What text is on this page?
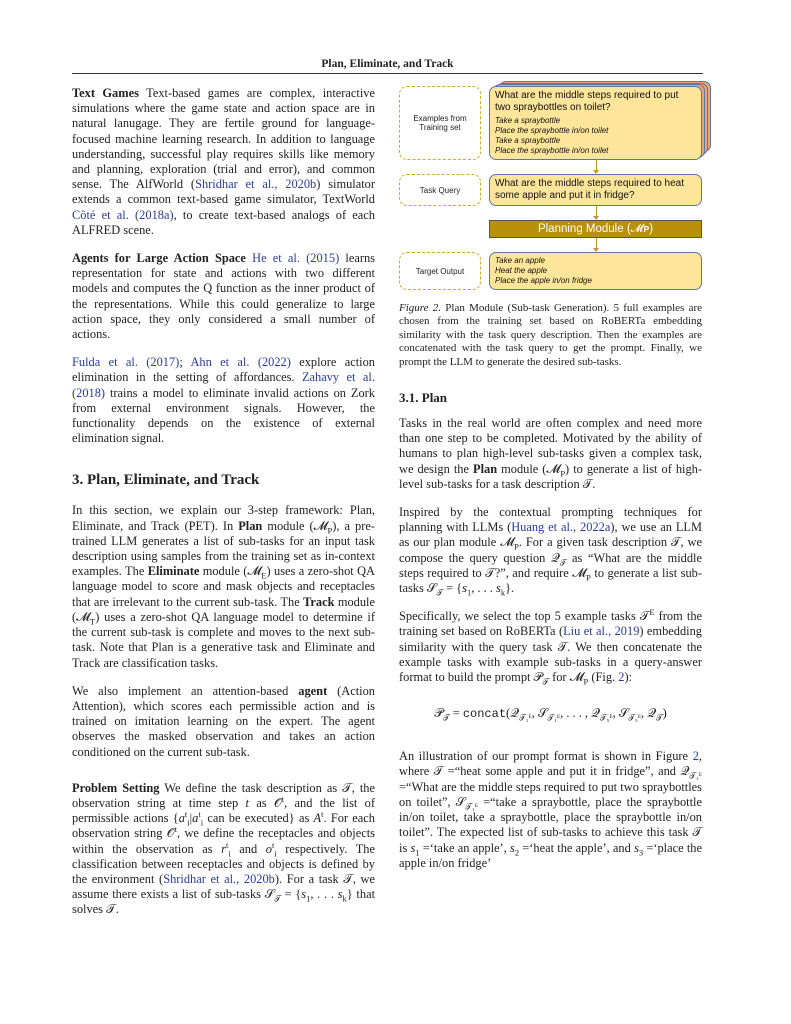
Plan, Eliminate, and Track
Text Games Text-based games are complex, interactive simulations where the game state and action space are in natural lanugage. They are fertile ground for language-focused machine learning research. In addition to language understanding, successful play requires skills like memory and planning, exploration (trial and error), and common sense. The AlfWorld (Shridhar et al., 2020b) simulator extends a common text-based game simulator, TextWorld Côté et al. (2018a), to create text-based analogs of each ALFRED scene.
Agents for Large Action Space He et al. (2015) learns representation for state and actions with two different models and computes the Q function as the inner product of the representations. While this could generalize to large action space, they only considered a small number of actions.
Fulda et al. (2017); Ahn et al. (2022) explore action elimination in the setting of affordances. Zahavy et al. (2018) trains a model to eliminate invalid actions on Zork from external environment signals. However, the functionality depends on the existence of external elimination signal.
3. Plan, Eliminate, and Track
In this section, we explain our 3-step framework: Plan, Eliminate, and Track (PET). In Plan module (𝓜$_P$), a pre-trained LLM generates a list of sub-tasks for an input task description using samples from the training set as in-context examples. The Eliminate module (𝓜$_E$) uses a zero-shot QA language model to score and mask objects and receptacles that are irrelevant to the current sub-task. The Track module (𝓜$_T$) uses a zero-shot QA language model to determine if the current sub-task is complete and moves to the next sub-task. Note that Plan is a generative task and Eliminate and Track are classification tasks.
We also implement an attention-based agent (Action Attention), which scores each permissible action and is trained on imitation learning on the expert. The agent observes the masked observation and takes an action conditioned on the current sub-task.
Problem Setting We define the task description as 𝒯, the observation string at time step t as 𝒪$^t$, and the list of permissible actions {$a^t_i|a^t_i$ can be executed} as $A^t$. For each observation string 𝒪$^t$, we define the receptacles and objects within the observation as $r^t_i$ and $o^t_i$ respectively. The classification between receptacles and objects is defined by the environment (Shridhar et al., 2020b). For a task 𝒯, we assume there exists a list of sub-tasks 𝒮$_𝒯$ = {$s_1$, . . . $s_k$} that solves 𝒯.
Examples from Training set
What are the middle steps required to put two spraybottles on toilet?
Take a spraybottle
Place the spraybottle in/on toilet
Take a spraybottle
Place the spraybottle in/on toilet
Task Query
What are the middle steps required to heat some apple and put it in fridge?
Planning Module (𝓜 P )
Target Output
Take an apple
Heat the apple
Place the apple in/on fridge
Figure 2. Plan Module (Sub-task Generation). 5 full examples are chosen from the training set based on RoBERTa embedding similarity with the task query description. Then the examples are concatenated with the task query to get the prompt. Finally, we prompt the LLM to generate the desired sub-tasks.
3.1. Plan
Tasks in the real world are often complex and need more than one step to be completed. Motivated by the ability of humans to plan high-level sub-tasks given a complex task, we design the Plan module (𝓜$_P$) to generate a list of high-level sub-tasks for a task description 𝒯.
Inspired by the contextual prompting techniques for planning with LLMs (Huang et al., 2022a), we use an LLM as our plan module 𝓜$_P$. For a given task description 𝒯, we compose the query question 𝒬$_𝒯$ as “What are the middle steps required to 𝒯?”, and require 𝓜$_P$ to generate a list sub-tasks 𝒮$_𝒯$ = {$s_1$, . . . $s_k$}.
Specifically, we select the top 5 example tasks 𝒯$^E$ from the training set based on RoBERTa (Liu et al., 2019) embedding similarity with the query task 𝒯. We then concatenate the example tasks with example sub-tasks in a query-answer format to build the prompt 𝒫$_𝒯$ for 𝓜$_P$ (Fig. 2):
𝒫$_𝒯$ = concat(𝒬$_{𝒯_1ᴱ}$, 𝒮$_{𝒯_1ᴱ}$, . . . , 𝒬$_{𝒯_5ᴱ}$, 𝒮$_{𝒯_5ᴱ}$, 𝒬$_𝒯$)
An illustration of our prompt format is shown in Figure 2, where 𝒯 =“heat some apple and put it in fridge”, and 𝒬$_{𝒯_1ᴱ}$ =“What are the middle steps required to put two spraybottles on toilet”, 𝒮$_{𝒯_1ᴱ}$ =“take a spraybottle, place the spraybottle in/on toilet, take a spraybottle, place the spraybottle in/on toilet”. The expected list of sub-tasks to achieve this task 𝒯 is $s_1$ =‘take an apple’, $s_2$ =‘heat the apple’, and $s_3$ =‘place the apple in/on fridge’
